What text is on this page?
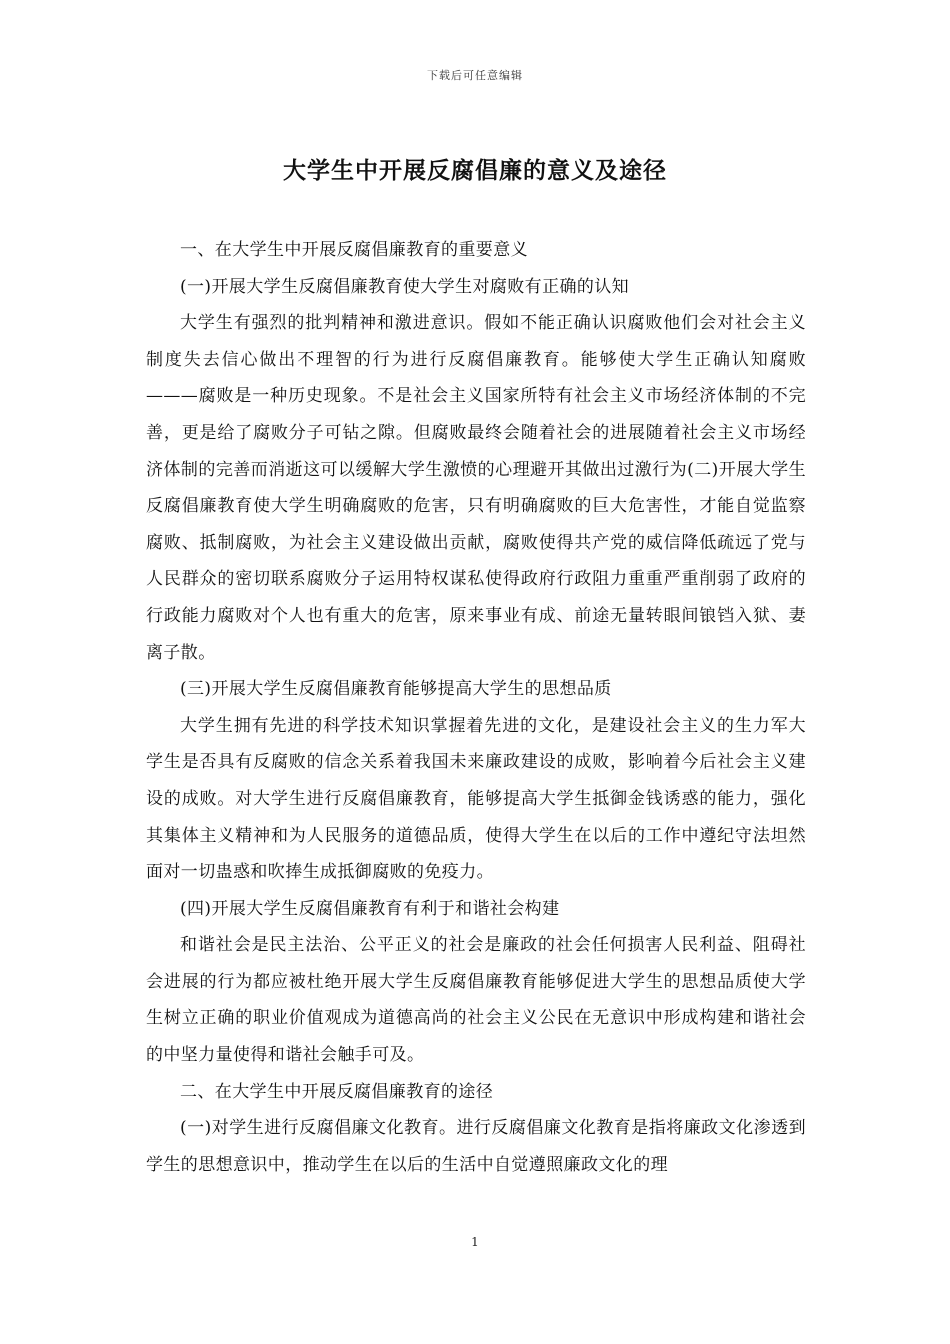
下载后可任意编辑
大学生中开展反腐倡廉的意义及途径

一、在大学生中开展反腐倡廉教育的重要意义

(一)开展大学生反腐倡廉教育使大学生对腐败有正确的认知

大学生有强烈的批判精神和激进意识。假如不能正确认识腐败他们会对社会主义制度失去信心做出不理智的行为进行反腐倡廉教育。能够使大学生正确认知腐败———腐败是一种历史现象。不是社会主义国家所特有社会主义市场经济体制的不完善，更是给了腐败分子可钻之隙。但腐败最终会随着社会的进展随着社会主义市场经济体制的完善而消逝这可以缓解大学生激愤的心理避开其做出过激行为(二)开展大学生反腐倡廉教育使大学生明确腐败的危害，只有明确腐败的巨大危害性，才能自觉监察腐败、抵制腐败，为社会主义建设做出贡献，腐败使得共产党的威信降低疏远了党与人民群众的密切联系腐败分子运用特权谋私使得政府行政阻力重重严重削弱了政府的行政能力腐败对个人也有重大的危害，原来事业有成、前途无量转眼间锒铛入狱、妻离子散。

(三)开展大学生反腐倡廉教育能够提高大学生的思想品质

大学生拥有先进的科学技术知识掌握着先进的文化，是建设社会主义的生力军大学生是否具有反腐败的信念关系着我国未来廉政建设的成败，影响着今后社会主义建设的成败。对大学生进行反腐倡廉教育，能够提高大学生抵御金钱诱惑的能力，强化其集体主义精神和为人民服务的道德品质，使得大学生在以后的工作中遵纪守法坦然面对一切蛊惑和吹捧生成抵御腐败的免疫力。

(四)开展大学生反腐倡廉教育有利于和谐社会构建

和谐社会是民主法治、公平正义的社会是廉政的社会任何损害人民利益、阻碍社会进展的行为都应被杜绝开展大学生反腐倡廉教育能够促进大学生的思想品质使大学生树立正确的职业价值观成为道德高尚的社会主义公民在无意识中形成构建和谐社会的中坚力量使得和谐社会触手可及。

二、在大学生中开展反腐倡廉教育的途径

(一)对学生进行反腐倡廉文化教育。进行反腐倡廉文化教育是指将廉政文化渗透到学生的思想意识中，推动学生在以后的生活中自觉遵照廉政文化的理

1
